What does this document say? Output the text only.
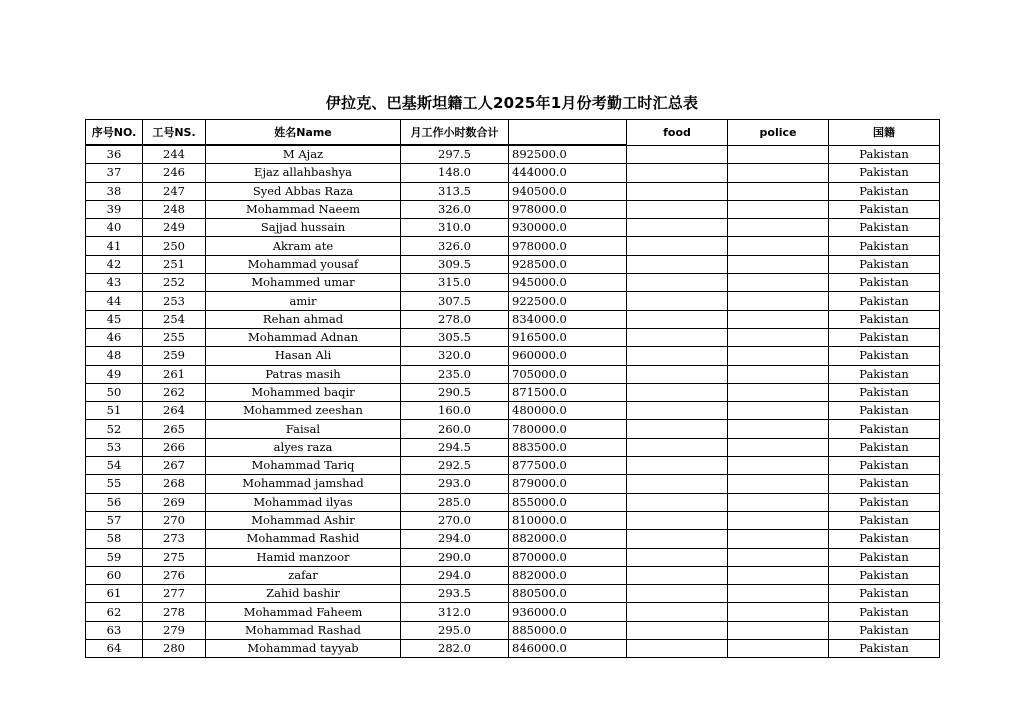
伊拉克、巴基斯坦籍工人2025年1月份考勤工时汇总表
序号NO.	工号NS.	姓名Name	月工作小时数合计		food	police	国籍
36	244	M Ajaz	297.5	892500.0			Pakistan
37	246	Ejaz allahbashya	148.0	444000.0			Pakistan
38	247	Syed Abbas Raza	313.5	940500.0			Pakistan
39	248	Mohammad Naeem	326.0	978000.0			Pakistan
40	249	Sajjad hussain	310.0	930000.0			Pakistan
41	250	Akram ate	326.0	978000.0			Pakistan
42	251	Mohammad yousaf	309.5	928500.0			Pakistan
43	252	Mohammed umar	315.0	945000.0			Pakistan
44	253	amir	307.5	922500.0			Pakistan
45	254	Rehan ahmad	278.0	834000.0			Pakistan
46	255	Mohammad Adnan	305.5	916500.0			Pakistan
48	259	Hasan Ali	320.0	960000.0			Pakistan
49	261	Patras masih	235.0	705000.0			Pakistan
50	262	Mohammed baqir	290.5	871500.0			Pakistan
51	264	Mohammed zeeshan	160.0	480000.0			Pakistan
52	265	Faisal	260.0	780000.0			Pakistan
53	266	alyes raza	294.5	883500.0			Pakistan
54	267	Mohammad Tariq	292.5	877500.0			Pakistan
55	268	Mohammad jamshad	293.0	879000.0			Pakistan
56	269	Mohammad ilyas	285.0	855000.0			Pakistan
57	270	Mohammad Ashir	270.0	810000.0			Pakistan
58	273	Mohammad Rashid	294.0	882000.0			Pakistan
59	275	Hamid manzoor	290.0	870000.0			Pakistan
60	276	zafar	294.0	882000.0			Pakistan
61	277	Zahid bashir	293.5	880500.0			Pakistan
62	278	Mohammad Faheem	312.0	936000.0			Pakistan
63	279	Mohammad Rashad	295.0	885000.0			Pakistan
64	280	Mohammad tayyab	282.0	846000.0			Pakistan
